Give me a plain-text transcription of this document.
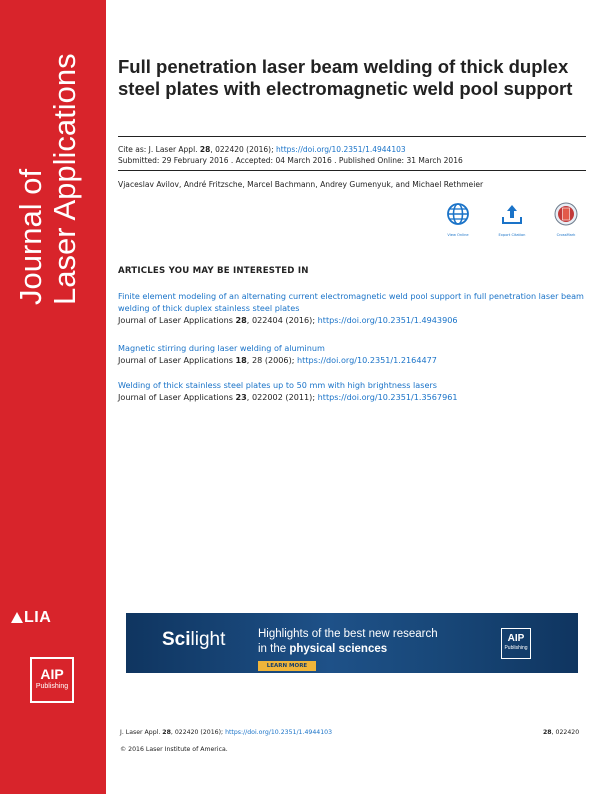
Journal of Laser Applications
LIA
AIP
Publishing
Full penetration laser beam welding of thick duplex steel plates with electromagnetic weld pool support
Cite as: J. Laser Appl. 28, 022420 (2016); https://doi.org/10.2351/1.4944103
Submitted: 29 February 2016 . Accepted: 04 March 2016 . Published Online: 31 March 2016
Vjaceslav Avilov, André Fritzsche, Marcel Bachmann, Andrey Gumenyuk, and Michael Rethmeier
View Online	Export Citation	CrossMark
ARTICLES YOU MAY BE INTERESTED IN
Finite element modeling of an alternating current electromagnetic weld pool support in full penetration laser beam welding of thick duplex stainless steel plates
Journal of Laser Applications 28, 022404 (2016); https://doi.org/10.2351/1.4943906
Magnetic stirring during laser welding of aluminum
Journal of Laser Applications 18, 28 (2006); https://doi.org/10.2351/1.2164477
Welding of thick stainless steel plates up to 50 mm with high brightness lasers
Journal of Laser Applications 23, 022002 (2011); https://doi.org/10.2351/1.3567961
Scilight	Highlights of the best new research
in the physical sciences
LEARN MORE
AIP
Publishing
J. Laser Appl. 28, 022420 (2016); https://doi.org/10.2351/1.4944103	28, 022420
© 2016 Laser Institute of America.
